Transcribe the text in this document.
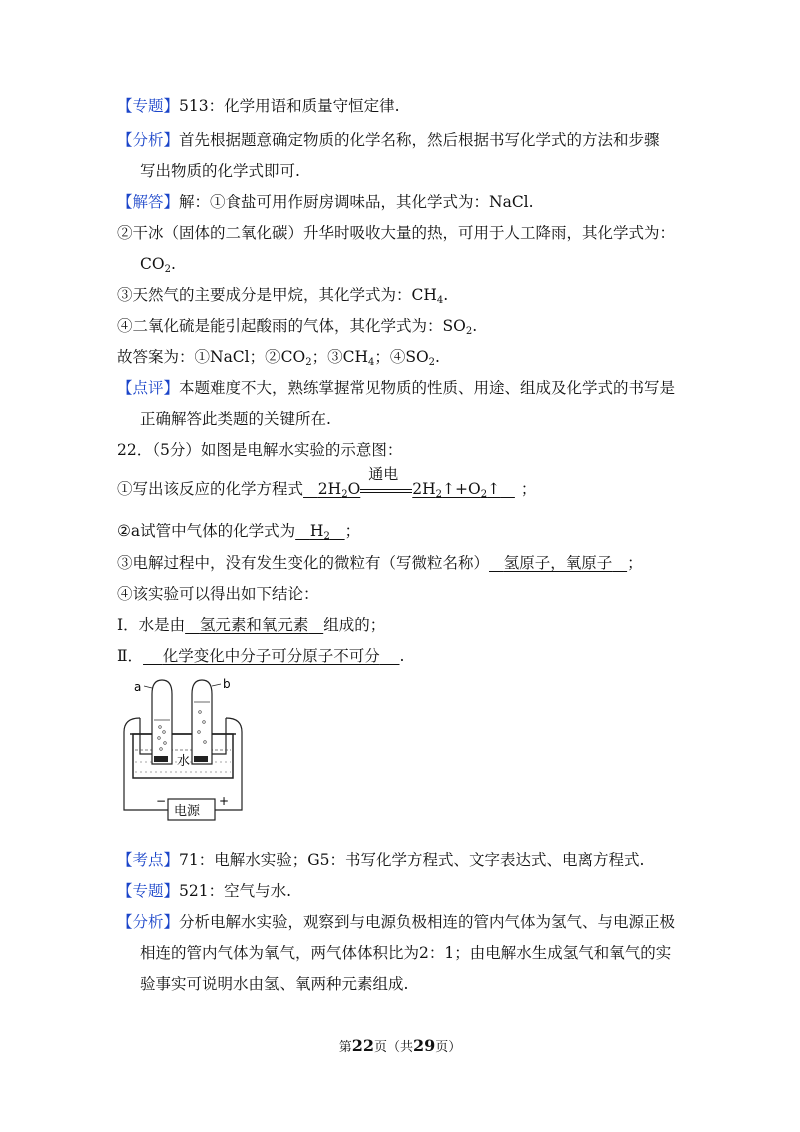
【专题】513：化学用语和质量守恒定律.
【分析】首先根据题意确定物质的化学名称，然后根据书写化学式的方法和步骤
写出物质的化学式即可.
【解答】解：①食盐可用作厨房调味品，其化学式为：NaCl.
②干冰（固体的二氧化碳）升华时吸收大量的热，可用于人工降雨，其化学式为：
$CO_2$.
③天然气的主要成分是甲烷，其化学式为：$CH_4$.
④二氧化硫是能引起酸雨的气体，其化学式为：$SO_2$.
故答案为：①NaCl；$②CO_2$；$③CH_4$；$④SO_2$.
【点评】本题难度不大，熟练掌握常见物质的性质、用途、组成及化学式的书写是
正确解答此类题的关键所在.
22．（5分）如图是电解水实验的示意图：
①写出该反应的化学方程式 $2H_2O$
通电
$2H_2↑+O_2↑$ ；
②a试管中气体的化学式为 $H_2$ ；
③电解过程中，没有发生变化的微粒有（写微粒名称） 氢原子，氧原子 ；
④该实验可以得出如下结论：
Ⅰ．水是由 氢元素和氧元素 组成的；
Ⅱ． 化学变化中分子可分原子不可分 .
a	b
水
电源
−	+
【考点】71：电解水实验；G5：书写化学方程式、文字表达式、电离方程式.
【专题】521：空气与水.
【分析】分析电解水实验，观察到与电源负极相连的管内气体为氢气、与电源正极
相连的管内气体为氧气，两气体体积比为2：1；由电解水生成氢气和氧气的实
验事实可说明水由氢、氧两种元素组成.
第22页（共29页）
